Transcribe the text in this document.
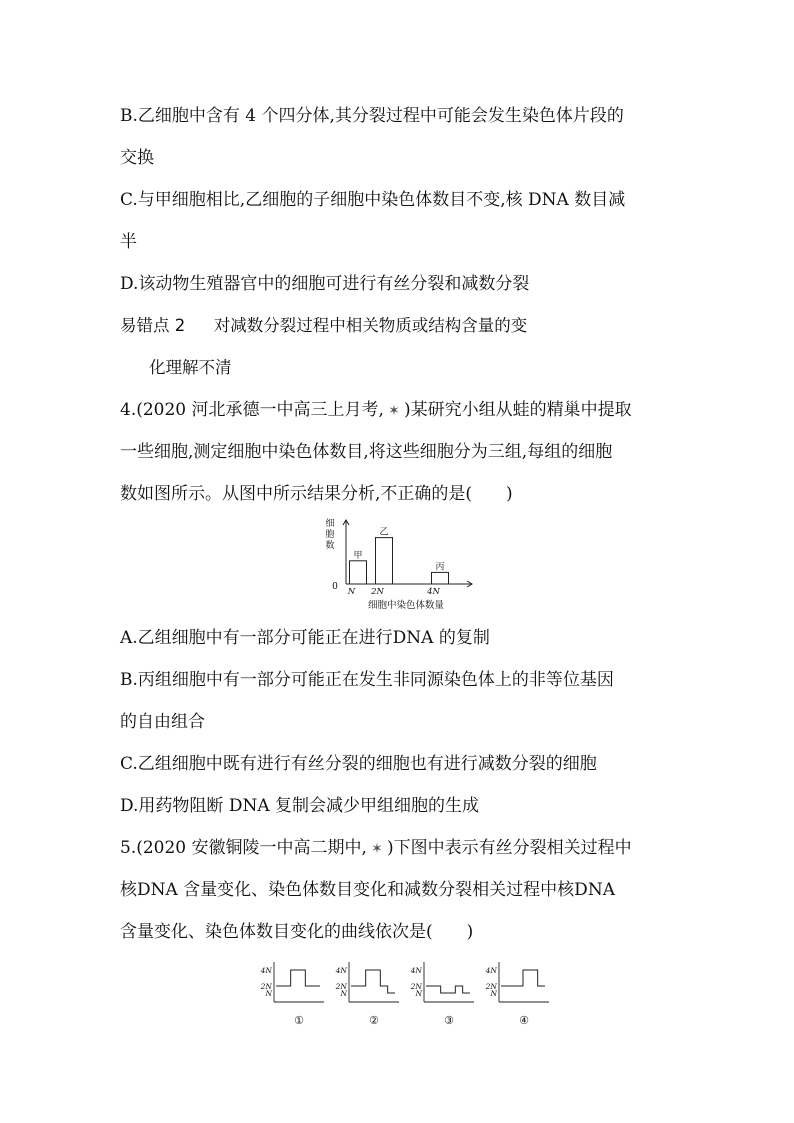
B.乙细胞中含有 4 个四分体,其分裂过程中可能会发生染色体片段的
交换
C.与甲细胞相比,乙细胞的子细胞中染色体数目不变,核 DNA 数目减
半
D.该动物生殖器官中的细胞可进行有丝分裂和减数分裂
易错点 2 对减数分裂过程中相关物质或结构含量的变
化理解不清
4.(2020 河北承德一中高三上月考, ✶ )某研究小组从蛙的精巢中提取
一些细胞,测定细胞中染色体数目,将这些细胞分为三组,每组的细胞
数如图所示。从图中所示结果分析,不正确的是( )
细
胞
数
0
甲
N
乙
2N
丙
4N
细胞中染色体数量
A.乙组细胞中有一部分可能正在进行DNA 的复制
B.丙组细胞中有一部分可能正在发生非同源染色体上的非等位基因
的自由组合
C.乙组细胞中既有进行有丝分裂的细胞也有进行减数分裂的细胞
D.用药物阻断 DNA 复制会减少甲组细胞的生成
5.(2020 安徽铜陵一中高二期中, ✶ )下图中表示有丝分裂相关过程中
核DNA 含量变化、染色体数目变化和减数分裂相关过程中核DNA
含量变化、染色体数目变化的曲线依次是( )
4N
2N
N
①
4N
2N
N
②
4N
2N
N
③
4N
2N
N
④
